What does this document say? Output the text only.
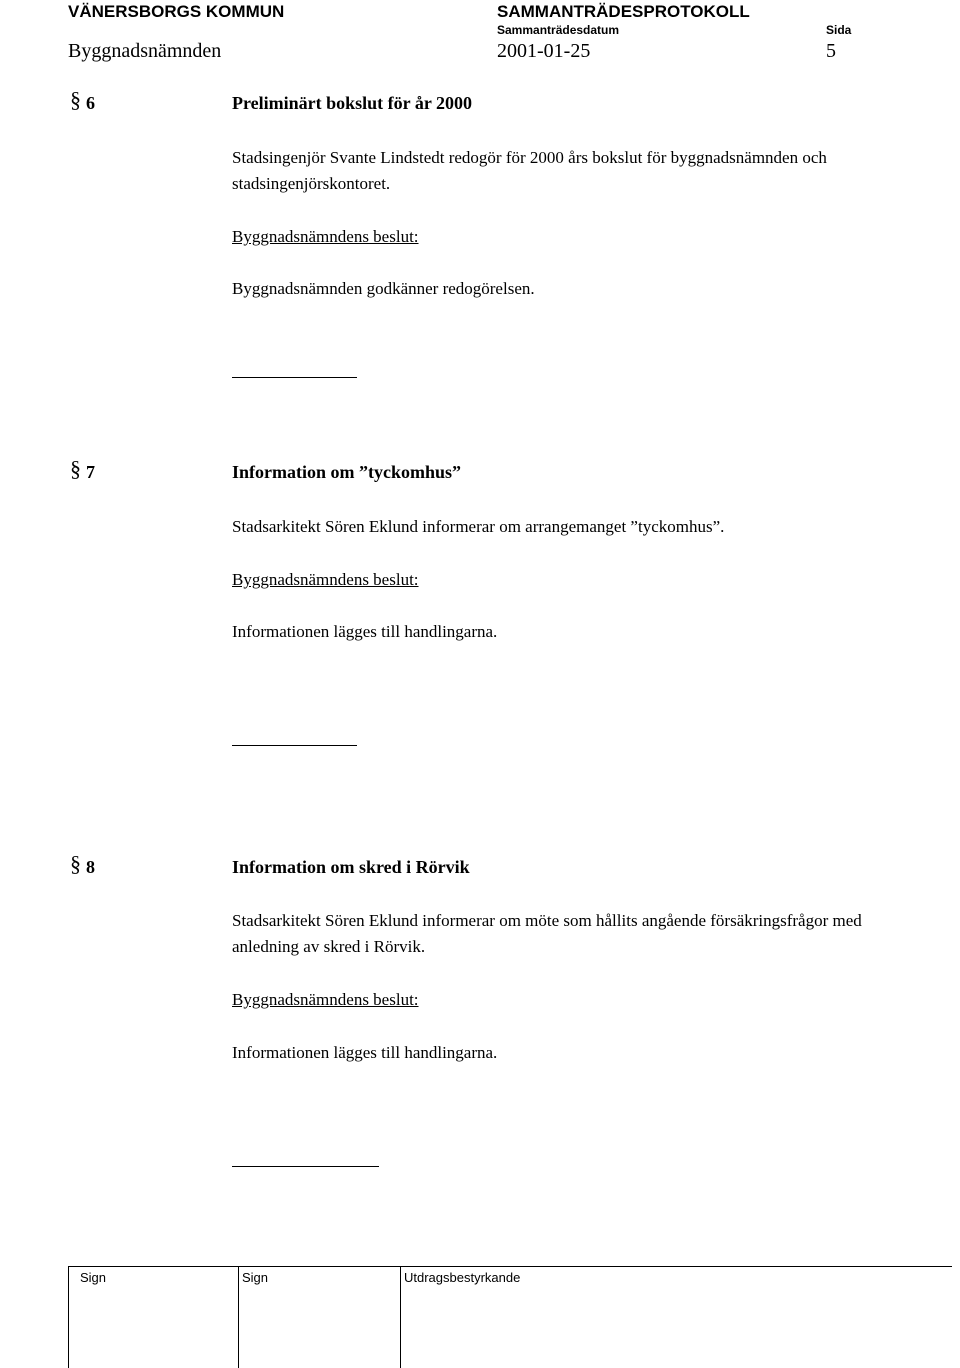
VÄNERSBORGS KOMMUN	SAMMANTRÄDESPROTOKOLL
Sammanträdesdatum	Sida
Byggnadsnämnden	2001-01-25	5
§ 6	Preliminärt bokslut för år 2000
Stadsingenjör Svante Lindstedt redogör för 2000 års bokslut för byggnadsnämnden och
stadsingenjörskontoret.
Byggnadsnämndens beslut:
Byggnadsnämnden godkänner redogörelsen.
§ 7	Information om ”tyckomhus”
Stadsarkitekt Sören Eklund informerar om arrangemanget ”tyckomhus”.
Byggnadsnämndens beslut:
Informationen lägges till handlingarna.
§ 8	Information om skred i Rörvik
Stadsarkitekt Sören Eklund informerar om möte som hållits angående försäkringsfrågor med
anledning av skred i Rörvik.
Byggnadsnämndens beslut:
Informationen lägges till handlingarna.
Sign	Sign	Utdragsbestyrkande
